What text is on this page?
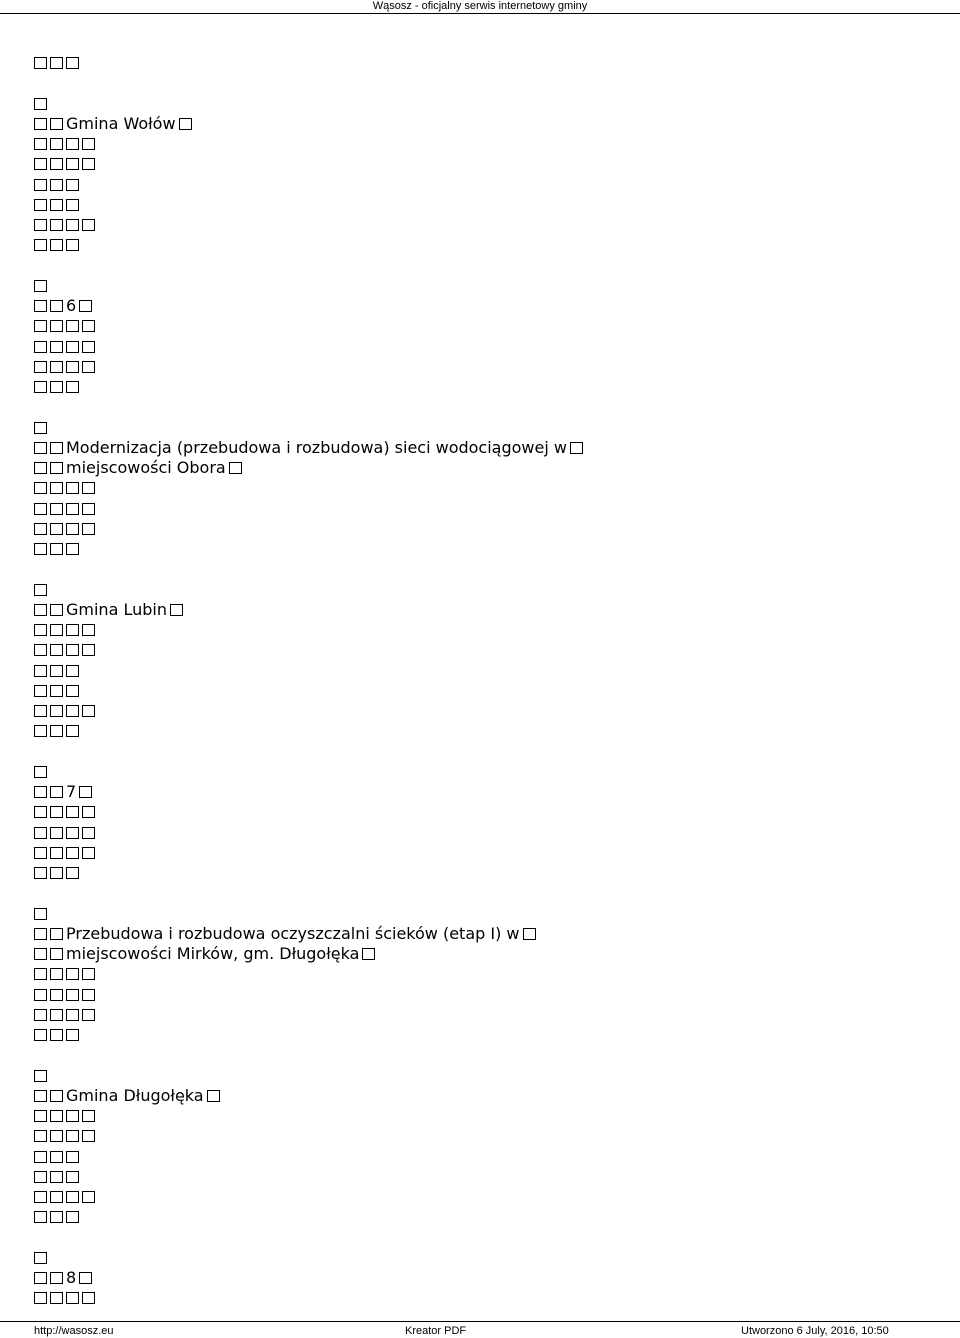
Wąsosz - oficjalny serwis internetowy gminy
Gmina Wołów
6
Modernizacja (przebudowa i rozbudowa) sieci wodociągowej w
miejscowości Obora
Gmina Lubin
7
Przebudowa i rozbudowa oczyszczalni ścieków (etap I) w
miejscowości Mirków, gm. Długołęka
Gmina Długołęka
8
http://wasosz.eu	Kreator PDF	Utworzono 6 July, 2016, 10:50
